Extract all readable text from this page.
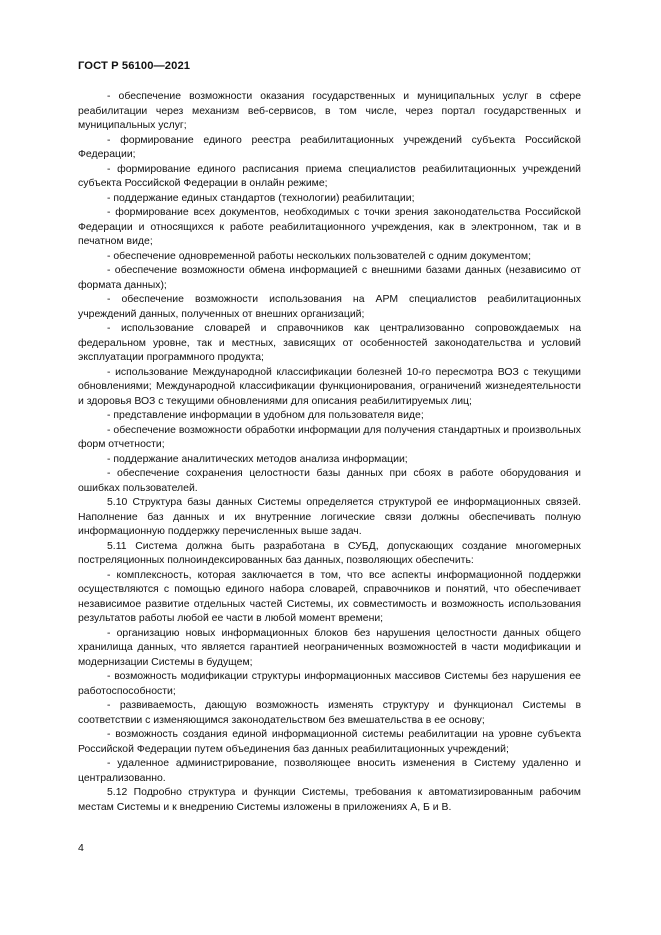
ГОСТ Р 56100—2021

- обеспечение возможности оказания государственных и муниципальных услуг в сфере реабилитации через механизм веб-сервисов, в том числе, через портал государственных и муниципальных услуг;

- формирование единого реестра реабилитационных учреждений субъекта Российской Федерации;

- формирование единого расписания приема специалистов реабилитационных учреждений субъекта Российской Федерации в онлайн режиме;

- поддержание единых стандартов (технологии) реабилитации;

- формирование всех документов, необходимых с точки зрения законодательства Российской Федерации и относящихся к работе реабилитационного учреждения, как в электронном, так и в печатном виде;

- обеспечение одновременной работы нескольких пользователей с одним документом;

- обеспечение возможности обмена информацией с внешними базами данных (независимо от формата данных);

- обеспечение возможности использования на АРМ специалистов реабилитационных учреждений данных, полученных от внешних организаций;

- использование словарей и справочников как централизованно сопровождаемых на федеральном уровне, так и местных, зависящих от особенностей законодательства и условий эксплуатации программного продукта;

- использование Международной классификации болезней 10-го пересмотра ВОЗ с текущими обновлениями; Международной классификации функционирования, ограничений жизнедеятельности и здоровья ВОЗ с текущими обновлениями для описания реабилитируемых лиц;

- представление информации в удобном для пользователя виде;

- обеспечение возможности обработки информации для получения стандартных и произвольных форм отчетности;

- поддержание аналитических методов анализа информации;

- обеспечение сохранения целостности базы данных при сбоях в работе оборудования и ошибках пользователей.

5.10 Структура базы данных Системы определяется структурой ее информационных связей. Наполнение баз данных и их внутренние логические связи должны обеспечивать полную информационную поддержку перечисленных выше задач.

5.11 Система должна быть разработана в СУБД, допускающих создание многомерных постреляционных полноиндексированных баз данных, позволяющих обеспечить:

- комплексность, которая заключается в том, что все аспекты информационной поддержки осуществляются с помощью единого набора словарей, справочников и понятий, что обеспечивает независимое развитие отдельных частей Системы, их совместимость и возможность использования результатов работы любой ее части в любой момент времени;

- организацию новых информационных блоков без нарушения целостности данных общего хранилища данных, что является гарантией неограниченных возможностей в части модификации и модернизации Системы в будущем;

- возможность модификации структуры информационных массивов Системы без нарушения ее работоспособности;

- развиваемость, дающую возможность изменять структуру и функционал Системы в соответствии с изменяющимся законодательством без вмешательства в ее основу;

- возможность создания единой информационной системы реабилитации на уровне субъекта Российской Федерации путем объединения баз данных реабилитационных учреждений;

- удаленное администрирование, позволяющее вносить изменения в Систему удаленно и централизованно.

5.12 Подробно структура и функции Системы, требования к автоматизированным рабочим местам Системы и к внедрению Системы изложены в приложениях А, Б и В.

4
